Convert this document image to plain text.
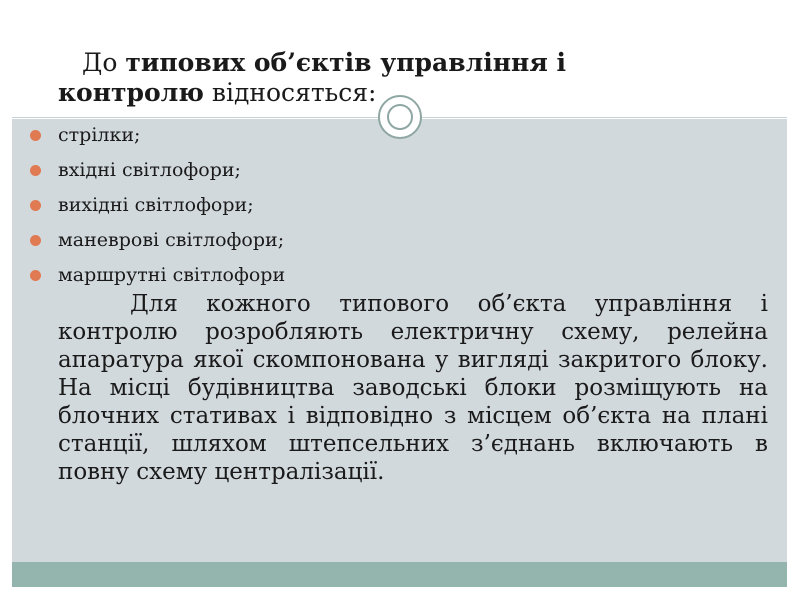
До типових об’єктів управління і контролю відносяться:
стрілки;
вхідні світлофори;
вихідні світлофори;
маневрові світлофори;
маршрутні світлофори

Для кожного типового об’єкта управління і контролю розробляють електричну схему, релейна апаратура якої скомпонована у вигляді закритого блоку. На місці будівництва заводські блоки розміщують на блочних стативах і відповідно з місцем об’єкта на плані станції, шляхом штепсельних з’єднань включають в повну схему централізації.
